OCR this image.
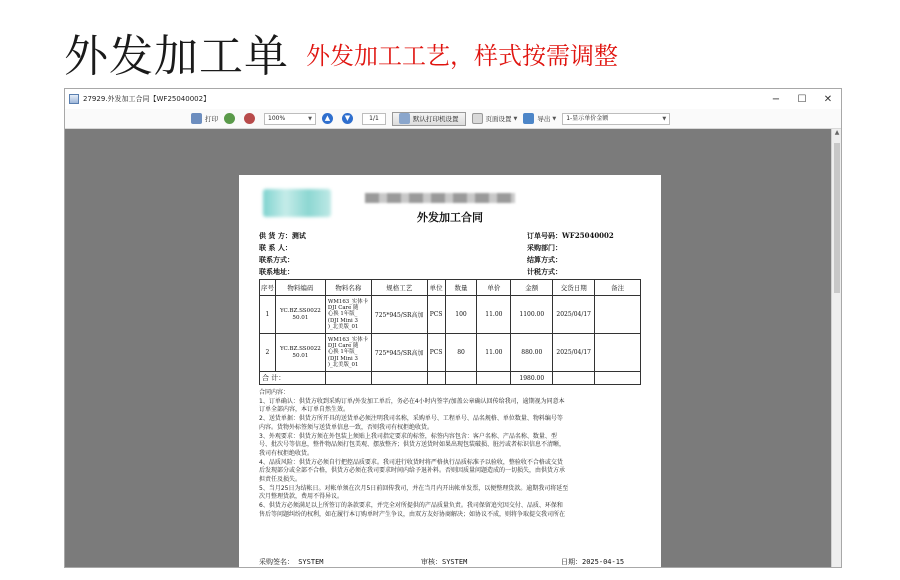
外发加工单 外发加工工艺，样式按需调整
27929.外发加工合同【WF25040002】	−	☐	✕
打印	100%	▼	▲	▼	1/1	默认打印机设置	页面设置 ▼	导出 ▼ 1-显示单价金额	▼
外发加工合同
供 货 方：测试
联 系 人：
联系方式：
联系地址：
订单号码：WF25040002
采购部门：
结算方式：
计税方式：
序号	物料编码	物料名称	规格工艺	单位	数量	单价	金额	交货日期	备注
1	YC.BZ.SS0022
50.01	WM163_实体卡
DJI Care 随
心换 1年版_
(DJI Mini 3
)_北美版_01	725*945/SR高加	PCS	100	11.00	1100.00	2025/04/17	
2	YC.BZ.SS0022
50.01	WM163_实体卡
DJI Care 随
心换 1年版_
(DJI Mini 3
)_北美版_01	725*945/SR高加	PCS	80	11.00	880.00	2025/04/17	
合 计：							1980.00		
合同内容：
1、订单确认：供货方收到采购订单/外发加工单后，务必在4小时内签字/加盖公章确认回传给我司，逾期视为同意本
订单全部内容，本订单自然生效。
2、送货单据：供货方所开具的送货单必须注明我司名称，采购单号、工程单号、品名规格、单位数量、物料编号等
内容。货物外标签须与送货单信息一致，否则我司有权拒绝收货。
3、外观要求：供货方须在外包装上须贴上我司指定要求的标签，标签内容包含：客户名称、产品名称、数量、型
号、批次号等信息，整件物品须打包美观、摆放整齐；供货方送货时如果出现包装破损、脏污或者标识信息不清晰，
我司有权拒绝收货。
4、品质风险：供货方必须自行把控品质要求。我司进行收货时将严格执行品质标准予以验收，整验收不合格或交货
后发现部分或全部不合格，供货方必须在我司要求时间内给予退补料。否则因质量问题造成的一切损失，由供货方承
担责任及损失。
5、当月25日为结帐日。对帐单须在次月5日前回传我司，并在当月内开出帐单发票，以便整理货款。逾期我司将延至
次月整理货款，费用不得异议。
6、供货方必须满足以上所签订的条款要求，并完全对所提供的产品质量负责。我司保留追究因交付、品质、环保和
售后等问题纠纷的权利，如在履行本订购单时产生争议，由双方友好协商解决；如协议不成，则将争取提交我司所在
采购签名： SYSTEM	审核：SYSTEM	日期：2025-04-15
▲
